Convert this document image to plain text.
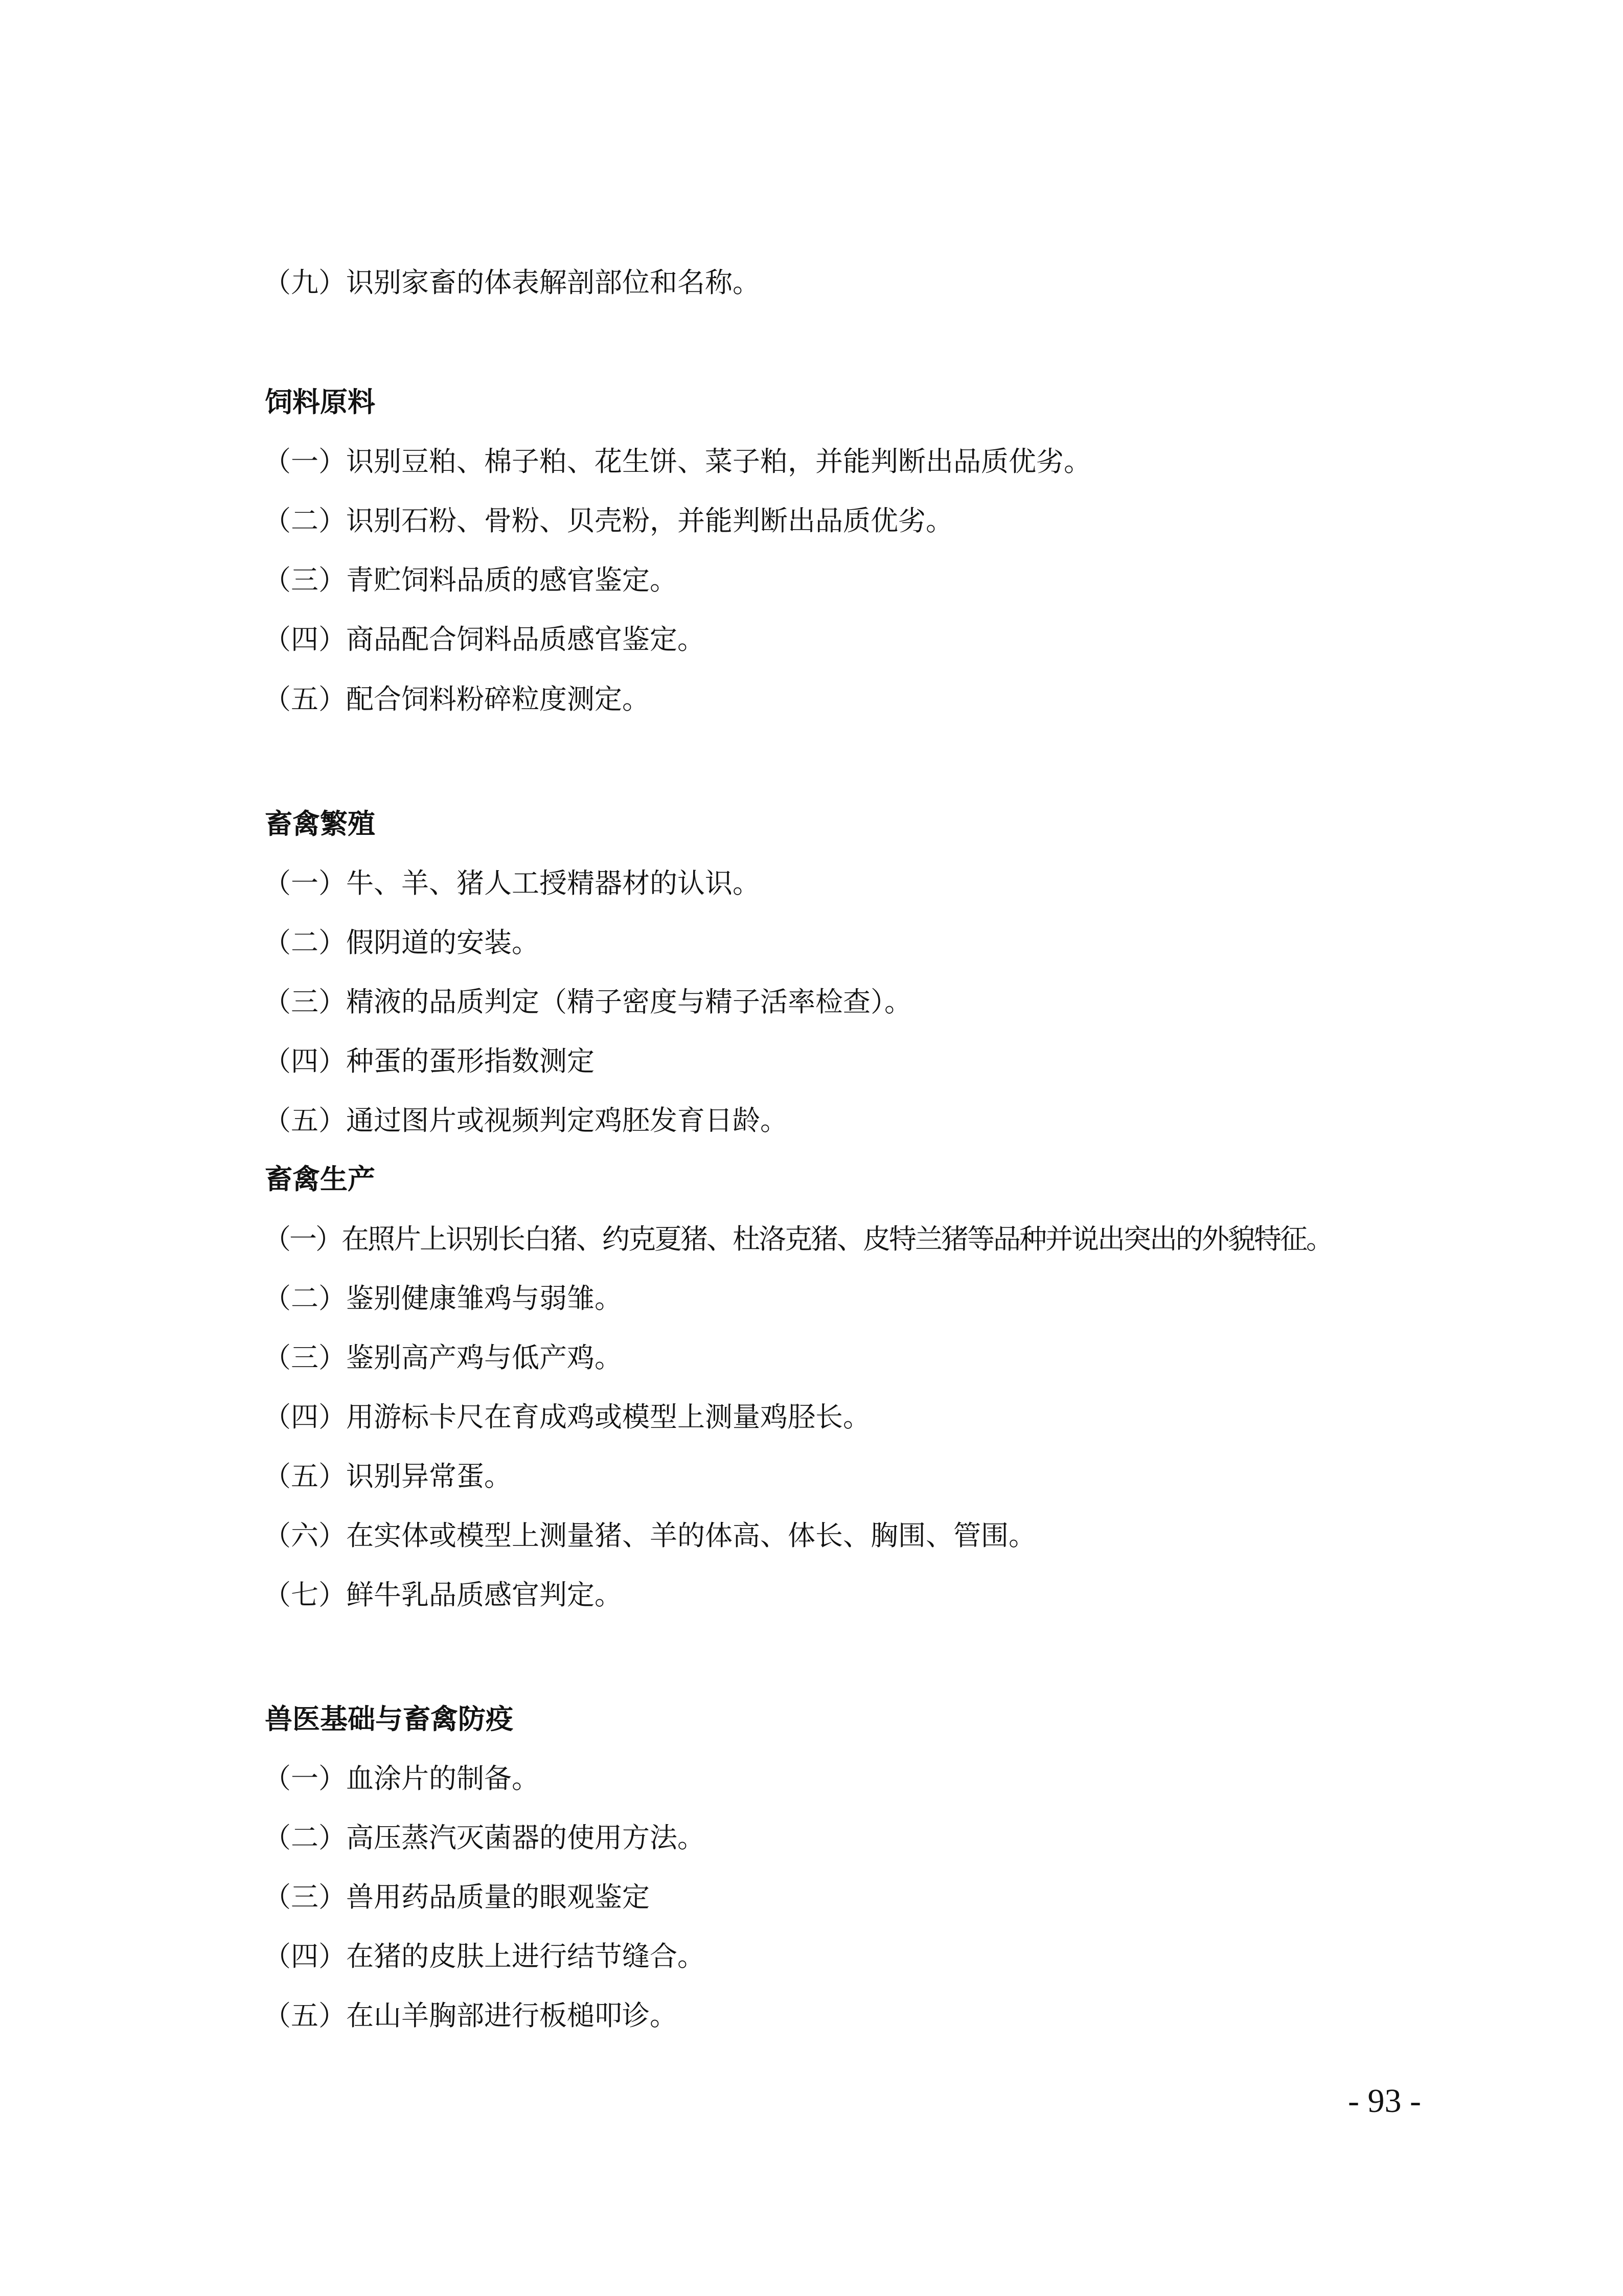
（九）识别家畜的体表解剖部位和名称。
饲料原料
（一）识别豆粕、棉子粕、花生饼、菜子粕，并能判断出品质优劣。
（二）识别石粉、骨粉、贝壳粉，并能判断出品质优劣。
（三）青贮饲料品质的感官鉴定。
（四）商品配合饲料品质感官鉴定。
（五）配合饲料粉碎粒度测定。
畜禽繁殖
（一）牛、羊、猪人工授精器材的认识。
（二）假阴道的安装。
（三）精液的品质判定（精子密度与精子活率检查）。
（四）种蛋的蛋形指数测定
（五）通过图片或视频判定鸡胚发育日龄。
畜禽生产
（一）在照片上识别长白猪、约克夏猪、杜洛克猪、皮特兰猪等品种并说出突出的外貌特征。
（二）鉴别健康雏鸡与弱雏。
（三）鉴别高产鸡与低产鸡。
（四）用游标卡尺在育成鸡或模型上测量鸡胫长。
（五）识别异常蛋。
（六）在实体或模型上测量猪、羊的体高、体长、胸围、管围。
（七）鲜牛乳品质感官判定。
兽医基础与畜禽防疫
（一）血涂片的制备。
（二）高压蒸汽灭菌器的使用方法。
（三）兽用药品质量的眼观鉴定
（四）在猪的皮肤上进行结节缝合。
（五）在山羊胸部进行板槌叩诊。
- 93 -
